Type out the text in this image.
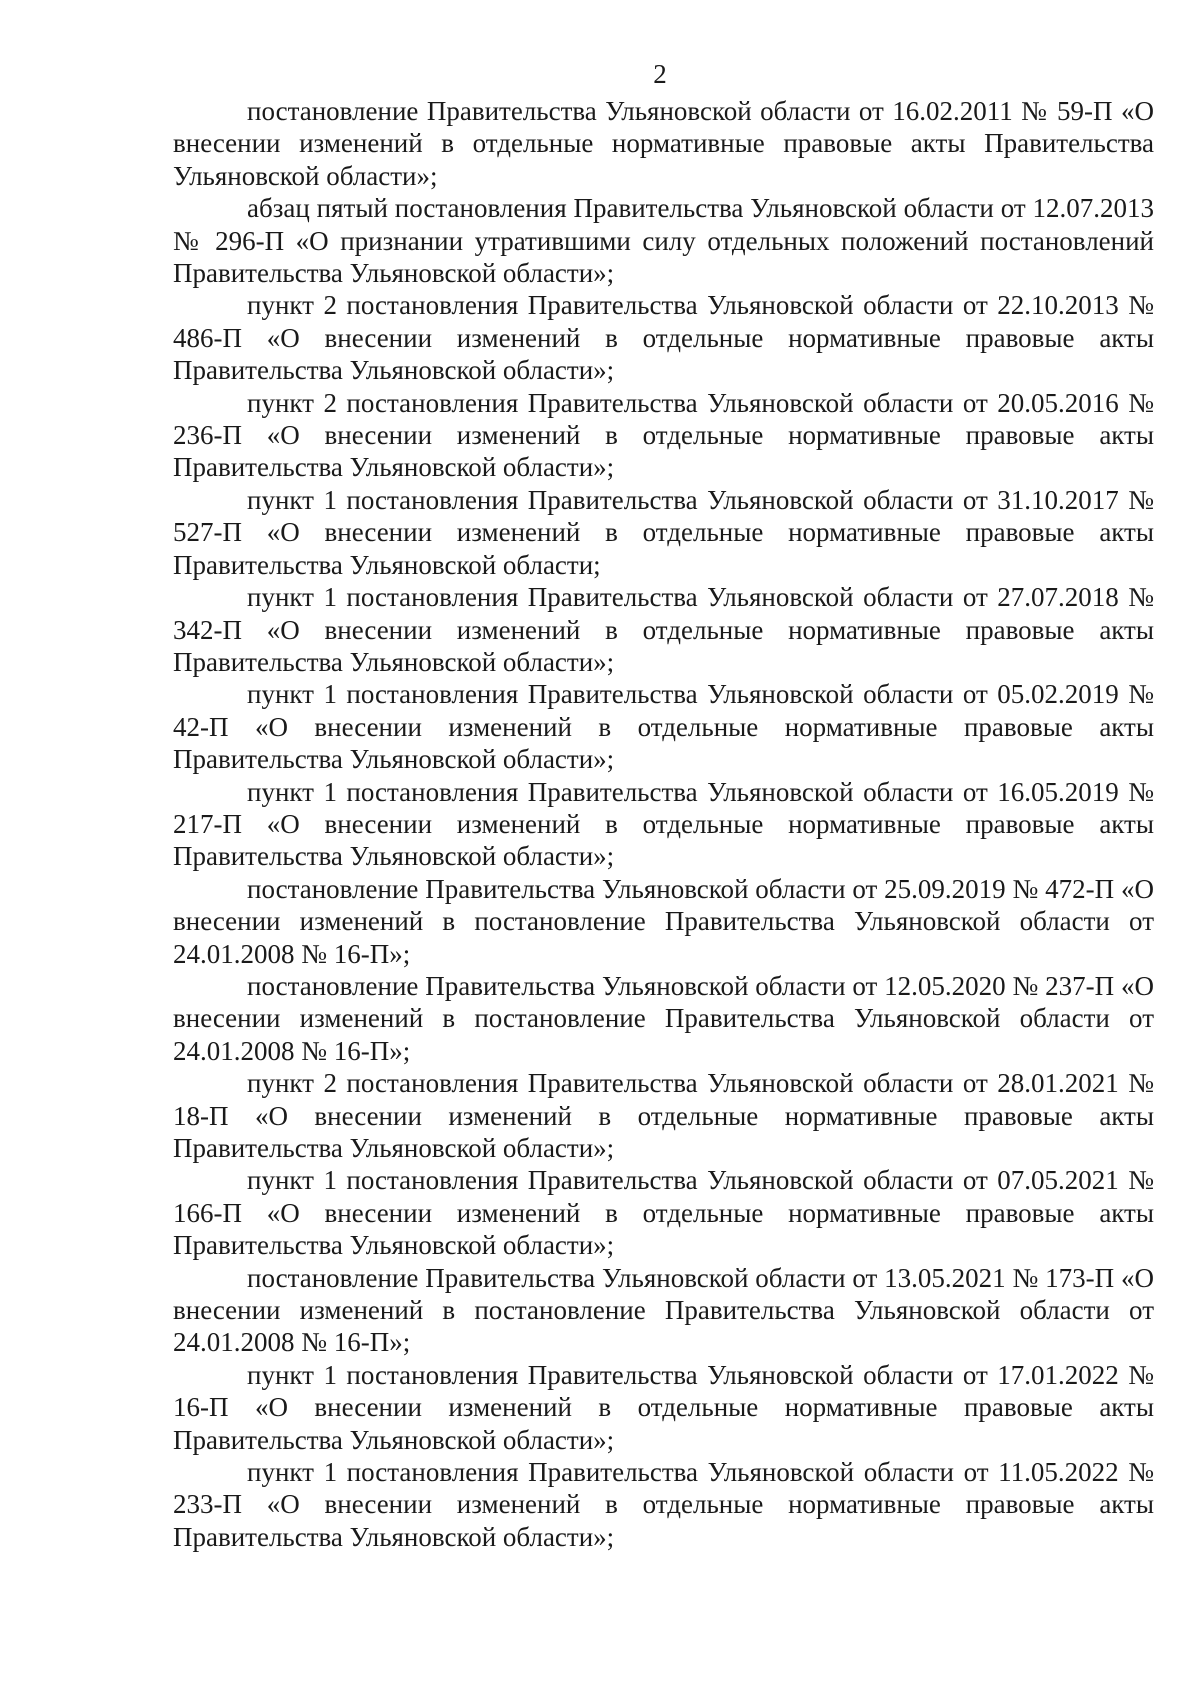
2

постановление Правительства Ульяновской области от 16.02.2011 № 59-П «О внесении изменений в отдельные нормативные правовые акты Правительства Ульяновской области»;

абзац пятый постановления Правительства Ульяновской области от 12.07.2013 № 296-П «О признании утратившими силу отдельных положений постановлений Правительства Ульяновской области»;

пункт 2 постановления Правительства Ульяновской области от 22.10.2013 № 486-П «О внесении изменений в отдельные нормативные правовые акты Правительства Ульяновской области»;

пункт 2 постановления Правительства Ульяновской области от 20.05.2016 № 236-П «О внесении изменений в отдельные нормативные правовые акты Правительства Ульяновской области»;

пункт 1 постановления Правительства Ульяновской области от 31.10.2017 № 527-П «О внесении изменений в отдельные нормативные правовые акты Правительства Ульяновской области;

пункт 1 постановления Правительства Ульяновской области от 27.07.2018 № 342-П «О внесении изменений в отдельные нормативные правовые акты Правительства Ульяновской области»;

пункт 1 постановления Правительства Ульяновской области от 05.02.2019 № 42-П «О внесении изменений в отдельные нормативные правовые акты Правительства Ульяновской области»;

пункт 1 постановления Правительства Ульяновской области от 16.05.2019 № 217-П «О внесении изменений в отдельные нормативные правовые акты Правительства Ульяновской области»;

постановление Правительства Ульяновской области от 25.09.2019 № 472-П «О внесении изменений в постановление Правительства Ульяновской области от 24.01.2008 № 16-П»;

постановление Правительства Ульяновской области от 12.05.2020 № 237-П «О внесении изменений в постановление Правительства Ульяновской области от 24.01.2008 № 16-П»;

пункт 2 постановления Правительства Ульяновской области от 28.01.2021 № 18-П «О внесении изменений в отдельные нормативные правовые акты Правительства Ульяновской области»;

пункт 1 постановления Правительства Ульяновской области от 07.05.2021 № 166-П «О внесении изменений в отдельные нормативные правовые акты Правительства Ульяновской области»;

постановление Правительства Ульяновской области от 13.05.2021 № 173-П «О внесении изменений в постановление Правительства Ульяновской области от 24.01.2008 № 16-П»;

пункт 1 постановления Правительства Ульяновской области от 17.01.2022 № 16-П «О внесении изменений в отдельные нормативные правовые акты Правительства Ульяновской области»;

пункт 1 постановления Правительства Ульяновской области от 11.05.2022 № 233-П «О внесении изменений в отдельные нормативные правовые акты Правительства Ульяновской области»;
